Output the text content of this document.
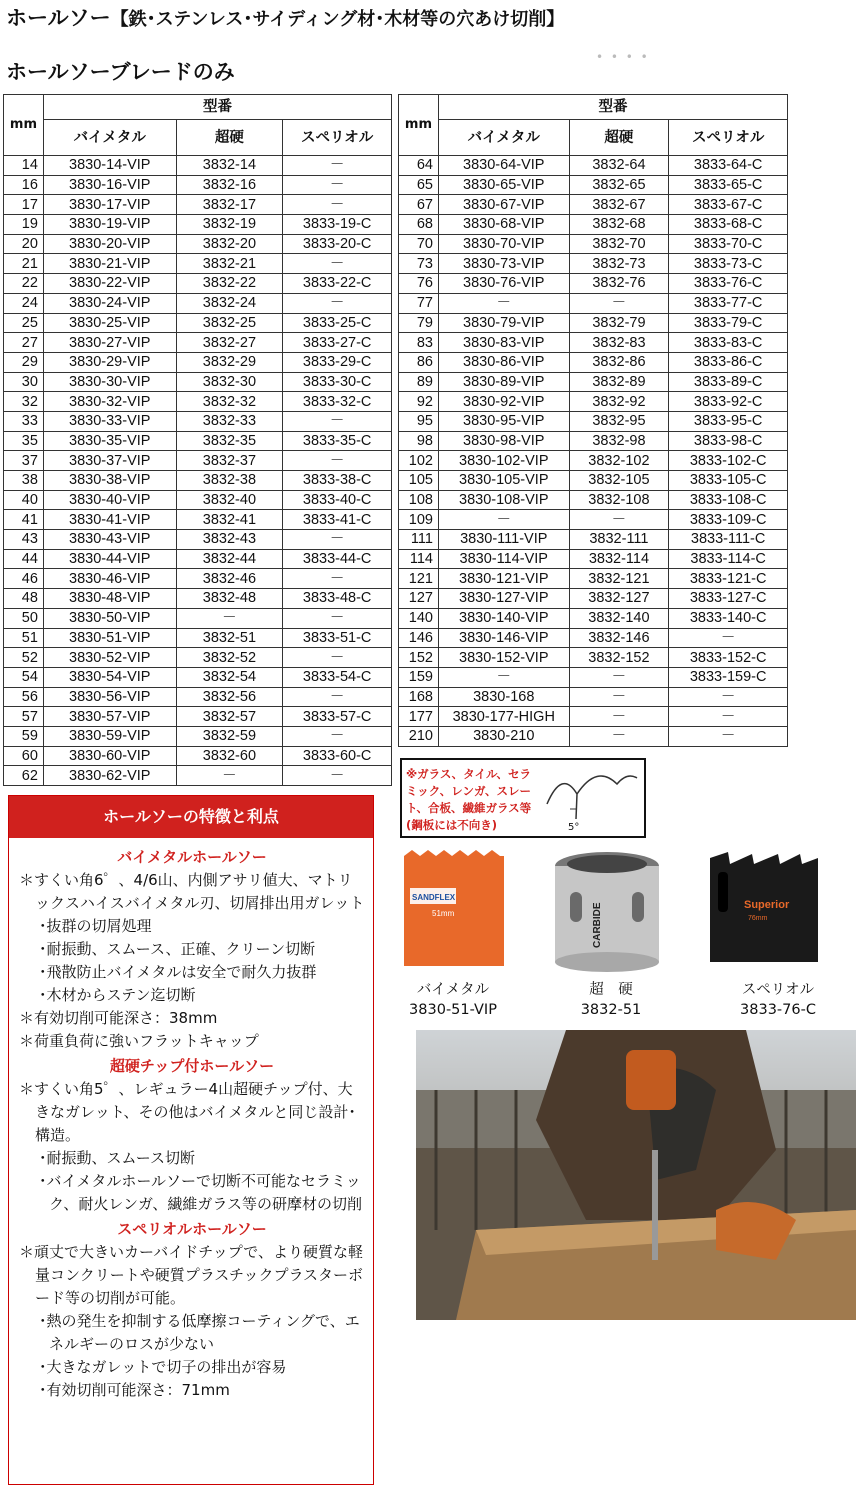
ホールソー【鉄･ステンレス･サイディング材･木材等の穴あけ切削】
ホールソーブレードのみ
• • • •
mm	型番		
	バイメタル	超硬	スペリオル
14	3830-14-VIP	3832-14	－
16	3830-16-VIP	3832-16	－
17	3830-17-VIP	3832-17	－
19	3830-19-VIP	3832-19	3833-19-C
20	3830-20-VIP	3832-20	3833-20-C
21	3830-21-VIP	3832-21	－
22	3830-22-VIP	3832-22	3833-22-C
24	3830-24-VIP	3832-24	－
25	3830-25-VIP	3832-25	3833-25-C
27	3830-27-VIP	3832-27	3833-27-C
29	3830-29-VIP	3832-29	3833-29-C
30	3830-30-VIP	3832-30	3833-30-C
32	3830-32-VIP	3832-32	3833-32-C
33	3830-33-VIP	3832-33	－
35	3830-35-VIP	3832-35	3833-35-C
37	3830-37-VIP	3832-37	－
38	3830-38-VIP	3832-38	3833-38-C
40	3830-40-VIP	3832-40	3833-40-C
41	3830-41-VIP	3832-41	3833-41-C
43	3830-43-VIP	3832-43	－
44	3830-44-VIP	3832-44	3833-44-C
46	3830-46-VIP	3832-46	－
48	3830-48-VIP	3832-48	3833-48-C
50	3830-50-VIP	－	－
51	3830-51-VIP	3832-51	3833-51-C
52	3830-52-VIP	3832-52	－
54	3830-54-VIP	3832-54	3833-54-C
56	3830-56-VIP	3832-56	－
57	3830-57-VIP	3832-57	3833-57-C
59	3830-59-VIP	3832-59	－
60	3830-60-VIP	3832-60	3833-60-C
62	3830-62-VIP	－	－
mm	型番		
	バイメタル	超硬	スペリオル
64	3830-64-VIP	3832-64	3833-64-C
65	3830-65-VIP	3832-65	3833-65-C
67	3830-67-VIP	3832-67	3833-67-C
68	3830-68-VIP	3832-68	3833-68-C
70	3830-70-VIP	3832-70	3833-70-C
73	3830-73-VIP	3832-73	3833-73-C
76	3830-76-VIP	3832-76	3833-76-C
77	－	－	3833-77-C
79	3830-79-VIP	3832-79	3833-79-C
83	3830-83-VIP	3832-83	3833-83-C
86	3830-86-VIP	3832-86	3833-86-C
89	3830-89-VIP	3832-89	3833-89-C
92	3830-92-VIP	3832-92	3833-92-C
95	3830-95-VIP	3832-95	3833-95-C
98	3830-98-VIP	3832-98	3833-98-C
102	3830-102-VIP	3832-102	3833-102-C
105	3830-105-VIP	3832-105	3833-105-C
108	3830-108-VIP	3832-108	3833-108-C
109	－	－	3833-109-C
111	3830-111-VIP	3832-111	3833-111-C
114	3830-114-VIP	3832-114	3833-114-C
121	3830-121-VIP	3832-121	3833-121-C
127	3830-127-VIP	3832-127	3833-127-C
140	3830-140-VIP	3832-140	3833-140-C
146	3830-146-VIP	3832-146	－
152	3830-152-VIP	3832-152	3833-152-C
159	－	－	3833-159-C
168	3830-168	－	－
177	3830-177-HIGH	－	－
210	3830-210	－	－
ホールソーの特徴と利点
バイメタルホールソー
＊すくい角6゜、4/6山、内側アサリ値大、マトリックスハイスバイメタル刃、切屑排出用ガレット
･抜群の切屑処理
･耐振動、スムース、正確、クリーン切断
･飛散防止バイメタルは安全で耐久力抜群
･木材からステン迄切断
＊有効切削可能深さ：38mm
＊荷重負荷に強いフラットキャップ
超硬チップ付ホールソー
＊すくい角5゜、レギュラー4山超硬チップ付、大きなガレット、その他はバイメタルと同じ設計･構造。
･耐振動、スムース切断
･バイメタルホールソーで切断不可能なセラミック、耐火レンガ、繊維ガラス等の研摩材の切削
スペリオルホールソー
＊頑丈で大きいカーバイドチップで、より硬質な軽量コンクリートや硬質プラスチックプラスターボード等の切削が可能。
･熱の発生を抑制する低摩擦コーティングで、エネルギーのロスが少ない
･大きなガレットで切子の排出が容易
･有効切削可能深さ：71mm
※ガラス、タイル、セラミック、レンガ、スレート、合板、繊維ガラス等(鋼板には不向き)	5°
SANDFLEX
51mm	CARBIDE	Superior
76mm
バイメタル
3830-51-VIP
超　硬
3832-51
スペリオル
3833-76-C
